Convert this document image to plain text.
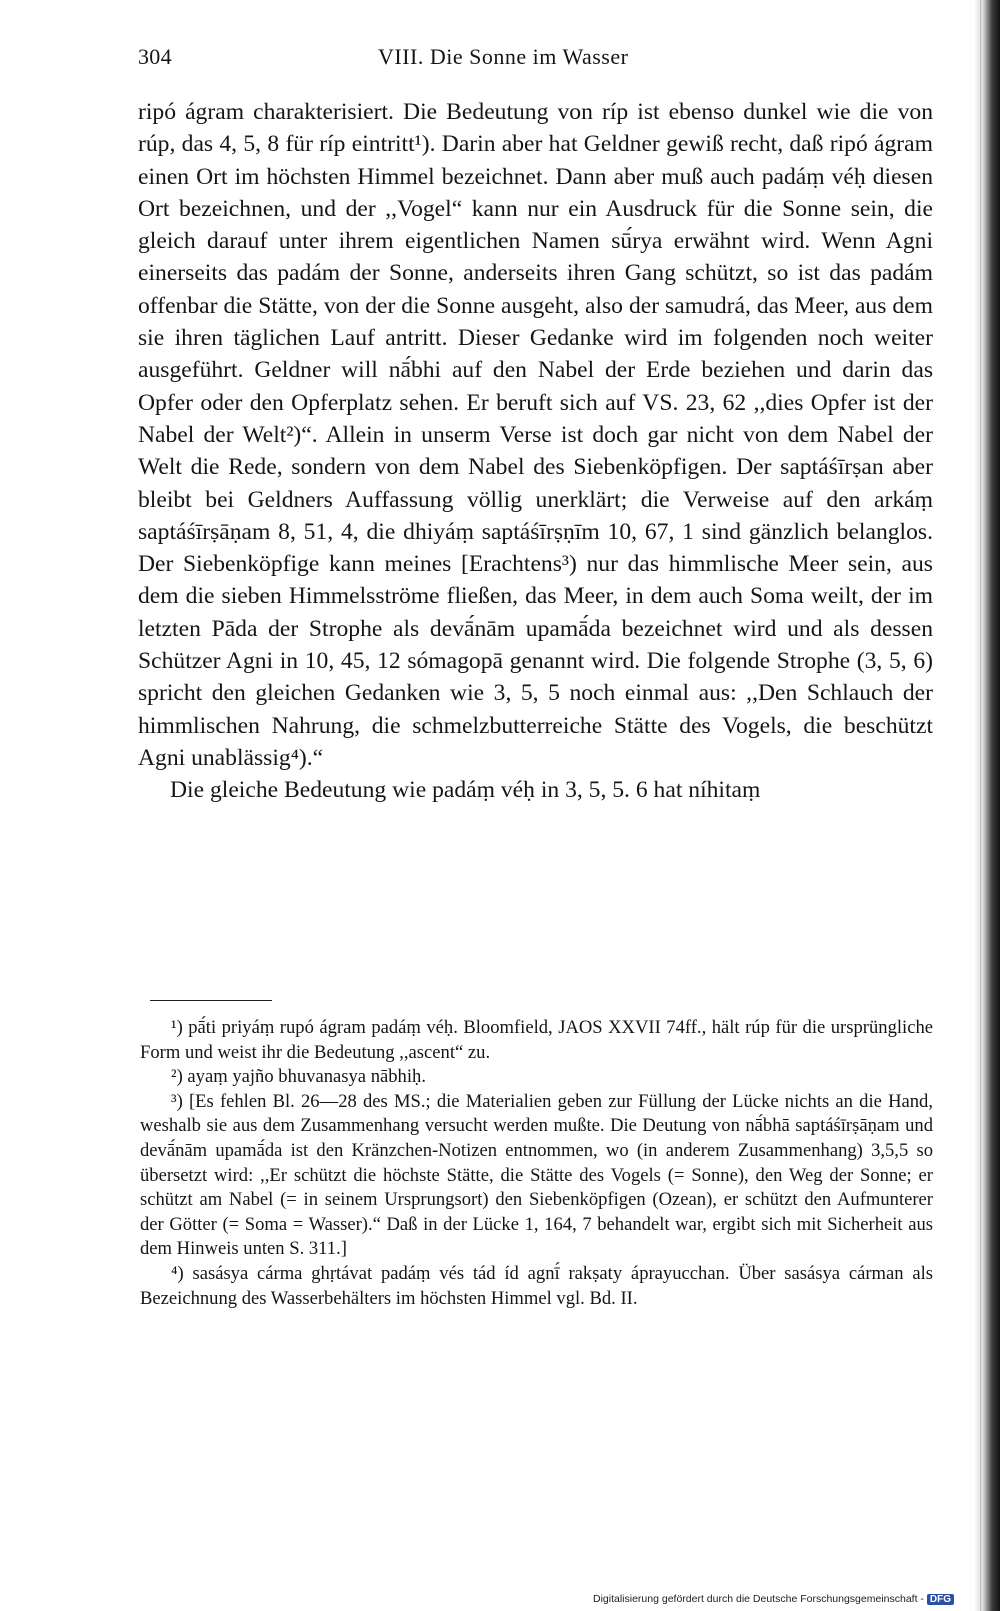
304	VIII. Die Sonne im Wasser

ripó ágram charakterisiert. Die Bedeutung von ríp ist ebenso dunkel wie die von rúp, das 4, 5, 8 für ríp eintritt¹). Darin aber hat Geldner gewiß recht, daß ripó ágram einen Ort im höchsten Himmel bezeichnet. Dann aber muß auch padáṃ véḥ diesen Ort bezeichnen, und der ,,Vogel“ kann nur ein Ausdruck für die Sonne sein, die gleich darauf unter ihrem eigentlichen Namen sū́rya erwähnt wird. Wenn Agni einerseits das padám der Sonne, anderseits ihren Gang schützt, so ist das padám offenbar die Stätte, von der die Sonne ausgeht, also der samudrá, das Meer, aus dem sie ihren täglichen Lauf antritt. Dieser Gedanke wird im folgenden noch weiter ausgeführt. Geldner will nā́bhi auf den Nabel der Erde beziehen und darin das Opfer oder den Opferplatz sehen. Er beruft sich auf VS. 23, 62 ,,dies Opfer ist der Nabel der Welt²)“. Allein in unserm Verse ist doch gar nicht von dem Nabel der Welt die Rede, sondern von dem Nabel des Siebenköpfigen. Der saptáśīrṣan aber bleibt bei Geldners Auffassung völlig unerklärt; die Verweise auf den arkáṃ saptáśīrṣāṇam 8, 51, 4, die dhiyáṃ saptáśīrṣṇīm 10, 67, 1 sind gänzlich belanglos. Der Siebenköpfige kann meines [Erachtens³) nur das himmlische Meer sein, aus dem die sieben Himmelsströme fließen, das Meer, in dem auch Soma weilt, der im letzten Pāda der Strophe als devā́nām upamā́da bezeichnet wird und als dessen Schützer Agni in 10, 45, 12 sómagopā genannt wird. Die folgende Strophe (3, 5, 6) spricht den gleichen Gedanken wie 3, 5, 5 noch einmal aus: ,,Den Schlauch der himmlischen Nahrung, die schmelzbutterreiche Stätte des Vogels, die beschützt Agni unablässig⁴).“

Die gleiche Bedeutung wie padáṃ véḥ in 3, 5, 5. 6 hat níhitaṃ

¹) pā́ti priyáṃ rupó ágram padáṃ véḥ. Bloomfield, JAOS XXVII 74ff., hält rúp für die ursprüngliche Form und weist ihr die Bedeutung ,,ascent“ zu.

²) ayaṃ yajño bhuvanasya nābhiḥ.

³) [Es fehlen Bl. 26—28 des MS.; die Materialien geben zur Füllung der Lücke nichts an die Hand, weshalb sie aus dem Zusammenhang versucht werden mußte. Die Deutung von nā́bhā saptáśīrṣāṇam und devā́nām upamā́da ist den Kränzchen-Notizen entnommen, wo (in anderem Zusammenhang) 3,5,5 so übersetzt wird: ,,Er schützt die höchste Stätte, die Stätte des Vogels (= Sonne), den Weg der Sonne; er schützt am Nabel (= in seinem Ursprungsort) den Siebenköpfigen (Ozean), er schützt den Aufmunterer der Götter (= Soma = Wasser).“ Daß in der Lücke 1, 164, 7 behandelt war, ergibt sich mit Sicherheit aus dem Hinweis unten S. 311.]

⁴) sasásya cárma ghṛtávat padáṃ vés tád íd agnī́ rakṣaty áprayucchan. Über sasásya cárman als Bezeichnung des Wasserbehälters im höchsten Himmel vgl. Bd. II.

Digitalisierung gefördert durch die Deutsche Forschungsgemeinschaft - DFG
